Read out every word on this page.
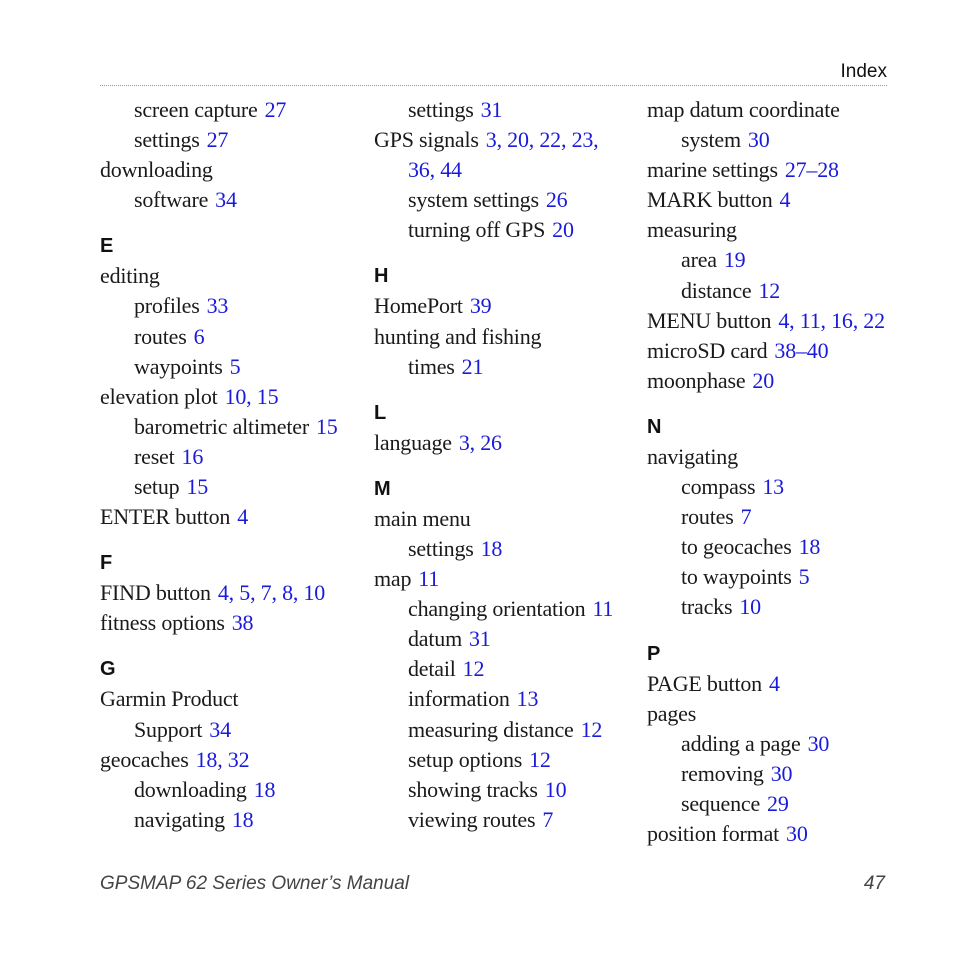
Index
screen capture 27
settings 27
downloading
software 34
E
editing
profiles 33
routes 6
waypoints 5
elevation plot 10, 15
barometric altimeter 15
reset 16
setup 15
ENTER button 4
F
FIND button 4, 5, 7, 8, 10
fitness options 38
G
Garmin Product
Support 34
geocaches 18, 32
downloading 18
navigating 18
settings 31
GPS signals 3, 20, 22, 23,
36, 44
system settings 26
turning off GPS 20
H
HomePort 39
hunting and fishing
times 21
L
language 3, 26
M
main menu
settings 18
map 11
changing orientation 11
datum 31
detail 12
information 13
measuring distance 12
setup options 12
showing tracks 10
viewing routes 7
map datum coordinate
system 30
marine settings 27–28
MARK button 4
measuring
area 19
distance 12
MENU button 4, 11, 16, 22
microSD card 38–40
moonphase 20
N
navigating
compass 13
routes 7
to geocaches 18
to waypoints 5
tracks 10
P
PAGE button 4
pages
adding a page 30
removing 30
sequence 29
position format 30
GPSMAP 62 Series Owner’s Manual	47
